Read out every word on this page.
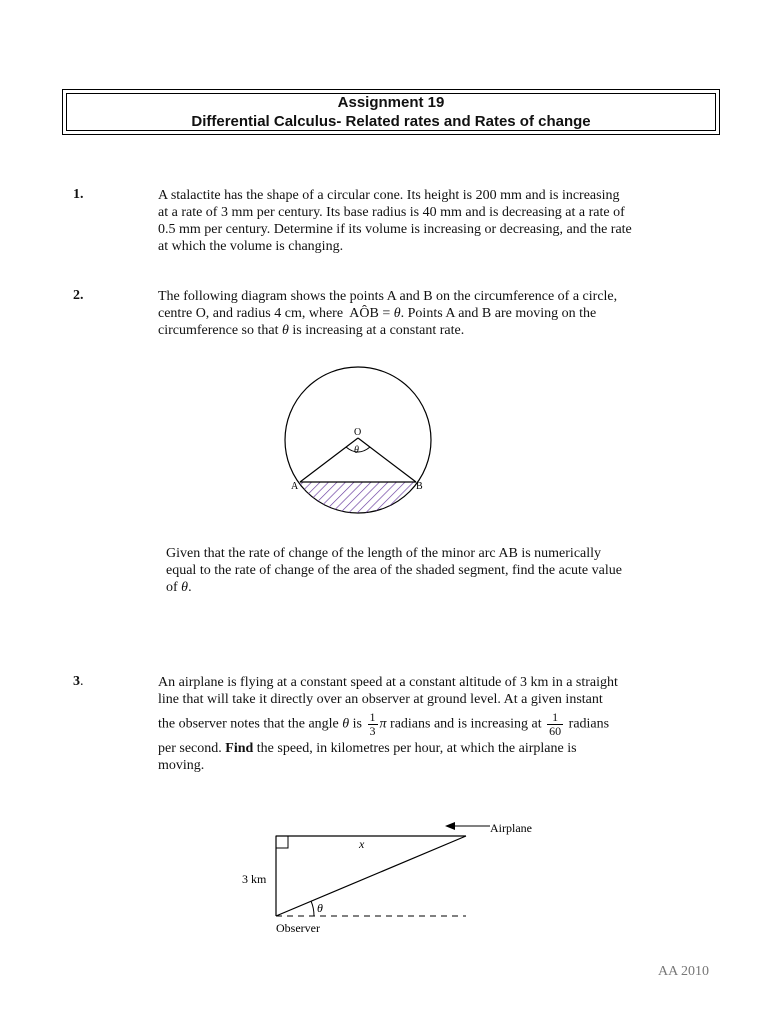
Assignment 19
Differential Calculus- Related rates and Rates of change
1.	A stalactite has the shape of a circular cone. Its height is 200 mm and is increasing
at a rate of 3 mm per century. Its base radius is 40 mm and is decreasing at a rate of
0.5 mm per century. Determine if its volume is increasing or decreasing, and the rate
at which the volume is changing.
2.	The following diagram shows the points A and B on the circumference of a circle,
centre O, and radius 4 cm, where AÔB = θ. Points A and B are moving on the
circumference so that θ is increasing at a constant rate.
O
θ
A	B
Given that the rate of change of the length of the minor arc AB is numerically
equal to the rate of change of the area of the shaded segment, find the acute value
of θ.
3.	An airplane is flying at a constant speed at a constant altitude of 3 km in a straight
line that will take it directly over an observer at ground level. At a given instant
the observer notes that the angle θ is $\frac{1}{3}$ π radians and is increasing at $\frac{1}{60}$ radians
per second. Find the speed, in kilometres per hour, at which the airplane is
moving.
Airplane
x
3 km
θ
Observer
AA 2010
